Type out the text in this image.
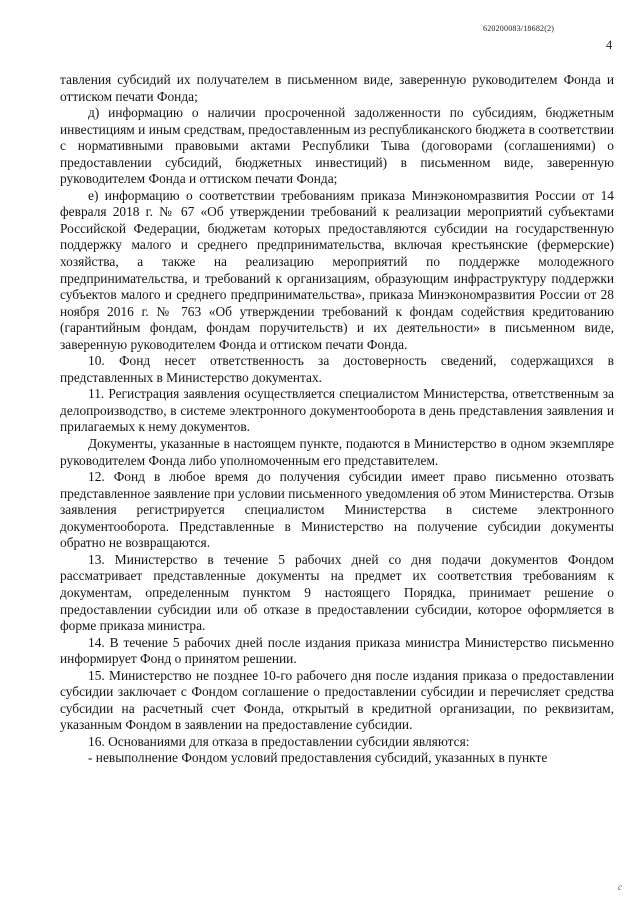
620200083/18682(2)
4

тавления субсидий их получателем в письменном виде, заверенную руководителем Фонда и оттиском печати Фонда;

д) информацию о наличии просроченной задолженности по субсидиям, бюджетным инвестициям и иным средствам, предоставленным из республиканского бюджета в соответствии с нормативными правовыми актами Республики Тыва (договорами (соглашениями) о предоставлении субсидий, бюджетных инвестиций) в письменном виде, заверенную руководителем Фонда и оттиском печати Фонда;

е) информацию о соответствии требованиям приказа Минэкономразвития России от 14 февраля 2018 г. № 67 «Об утверждении требований к реализации мероприятий субъектами Российской Федерации, бюджетам которых предоставляются субсидии на государственную поддержку малого и среднего предпринимательства, включая крестьянские (фермерские) хозяйства, а также на реализацию мероприятий по поддержке молодежного предпринимательства, и требований к организациям, образующим инфраструктуру поддержки субъектов малого и среднего предпринимательства», приказа Минэкономразвития России от 28 ноября 2016 г. № 763 «Об утверждении требований к фондам содействия кредитованию (гарантийным фондам, фондам поручительств) и их деятельности» в письменном виде, заверенную руководителем Фонда и оттиском печати Фонда.

10. Фонд несет ответственность за достоверность сведений, содержащихся в представленных в Министерство документах.

11. Регистрация заявления осуществляется специалистом Министерства, ответственным за делопроизводство, в системе электронного документооборота в день представления заявления и прилагаемых к нему документов.

Документы, указанные в настоящем пункте, подаются в Министерство в одном экземпляре руководителем Фонда либо уполномоченным его представителем.

12. Фонд в любое время до получения субсидии имеет право письменно отозвать представленное заявление при условии письменного уведомления об этом Министерства. Отзыв заявления регистрируется специалистом Министерства в системе электронного документооборота. Представленные в Министерство на получение субсидии документы обратно не возвращаются.

13. Министерство в течение 5 рабочих дней со дня подачи документов Фондом рассматривает представленные документы на предмет их соответствия требованиям к документам, определенным пунктом 9 настоящего Порядка, принимает решение о предоставлении субсидии или об отказе в предоставлении субсидии, которое оформляется в форме приказа министра.

14. В течение 5 рабочих дней после издания приказа министра Министерство письменно информирует Фонд о принятом решении.

15. Министерство не позднее 10-го рабочего дня после издания приказа о предоставлении субсидии заключает с Фондом соглашение о предоставлении субсидии и перечисляет средства субсидии на расчетный счет Фонда, открытый в кредитной организации, по реквизитам, указанным Фондом в заявлении на предоставление субсидии.

16. Основаниями для отказа в предоставлении субсидии являются:

- невыполнение Фондом условий предоставления субсидий, указанных в пункте

с
